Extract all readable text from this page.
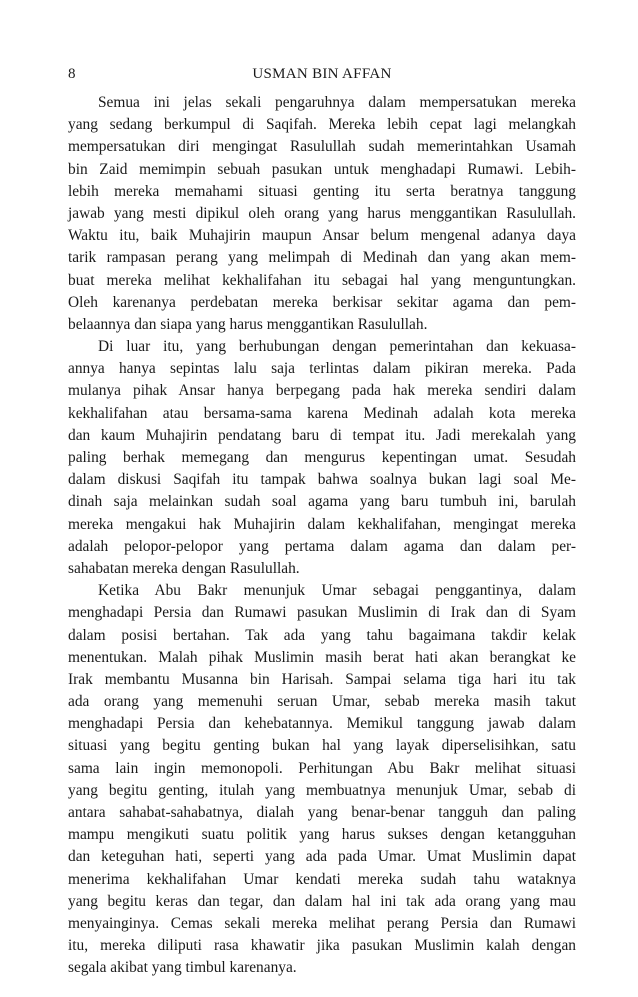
8	USMAN BIN AFFAN
Semua ini jelas sekali pengaruhnya dalam mempersatukan mereka
yang sedang berkumpul di Saqifah. Mereka lebih cepat lagi melangkah
mempersatukan diri mengingat Rasulullah sudah memerintahkan Usamah
bin Zaid memimpin sebuah pasukan untuk menghadapi Rumawi. Lebih-
lebih mereka memahami situasi genting itu serta beratnya tanggung
jawab yang mesti dipikul oleh orang yang harus menggantikan Rasulullah.
Waktu itu, baik Muhajirin maupun Ansar belum mengenal adanya daya
tarik rampasan perang yang melimpah di Medinah dan yang akan mem-
buat mereka melihat kekhalifahan itu sebagai hal yang menguntungkan.
Oleh karenanya perdebatan mereka berkisar sekitar agama dan pem-
belaannya dan siapa yang harus menggantikan Rasulullah.
Di luar itu, yang berhubungan dengan pemerintahan dan kekuasa-
annya hanya sepintas lalu saja terlintas dalam pikiran mereka. Pada
mulanya pihak Ansar hanya berpegang pada hak mereka sendiri dalam
kekhalifahan atau bersama-sama karena Medinah adalah kota mereka
dan kaum Muhajirin pendatang baru di tempat itu. Jadi merekalah yang
paling berhak memegang dan mengurus kepentingan umat. Sesudah
dalam diskusi Saqifah itu tampak bahwa soalnya bukan lagi soal Me-
dinah saja melainkan sudah soal agama yang baru tumbuh ini, barulah
mereka mengakui hak Muhajirin dalam kekhalifahan, mengingat mereka
adalah pelopor-pelopor yang pertama dalam agama dan dalam per-
sahabatan mereka dengan Rasulullah.
Ketika Abu Bakr menunjuk Umar sebagai penggantinya, dalam
menghadapi Persia dan Rumawi pasukan Muslimin di Irak dan di Syam
dalam posisi bertahan. Tak ada yang tahu bagaimana takdir kelak
menentukan. Malah pihak Muslimin masih berat hati akan berangkat ke
Irak membantu Musanna bin Harisah. Sampai selama tiga hari itu tak
ada orang yang memenuhi seruan Umar, sebab mereka masih takut
menghadapi Persia dan kehebatannya. Memikul tanggung jawab dalam
situasi yang begitu genting bukan hal yang layak diperselisihkan, satu
sama lain ingin memonopoli. Perhitungan Abu Bakr melihat situasi
yang begitu genting, itulah yang membuatnya menunjuk Umar, sebab di
antara sahabat-sahabatnya, dialah yang benar-benar tangguh dan paling
mampu mengikuti suatu politik yang harus sukses dengan ketangguhan
dan keteguhan hati, seperti yang ada pada Umar. Umat Muslimin dapat
menerima kekhalifahan Umar kendati mereka sudah tahu wataknya
yang begitu keras dan tegar, dan dalam hal ini tak ada orang yang mau
menyainginya. Cemas sekali mereka melihat perang Persia dan Rumawi
itu, mereka diliputi rasa khawatir jika pasukan Muslimin kalah dengan
segala akibat yang timbul karenanya.
